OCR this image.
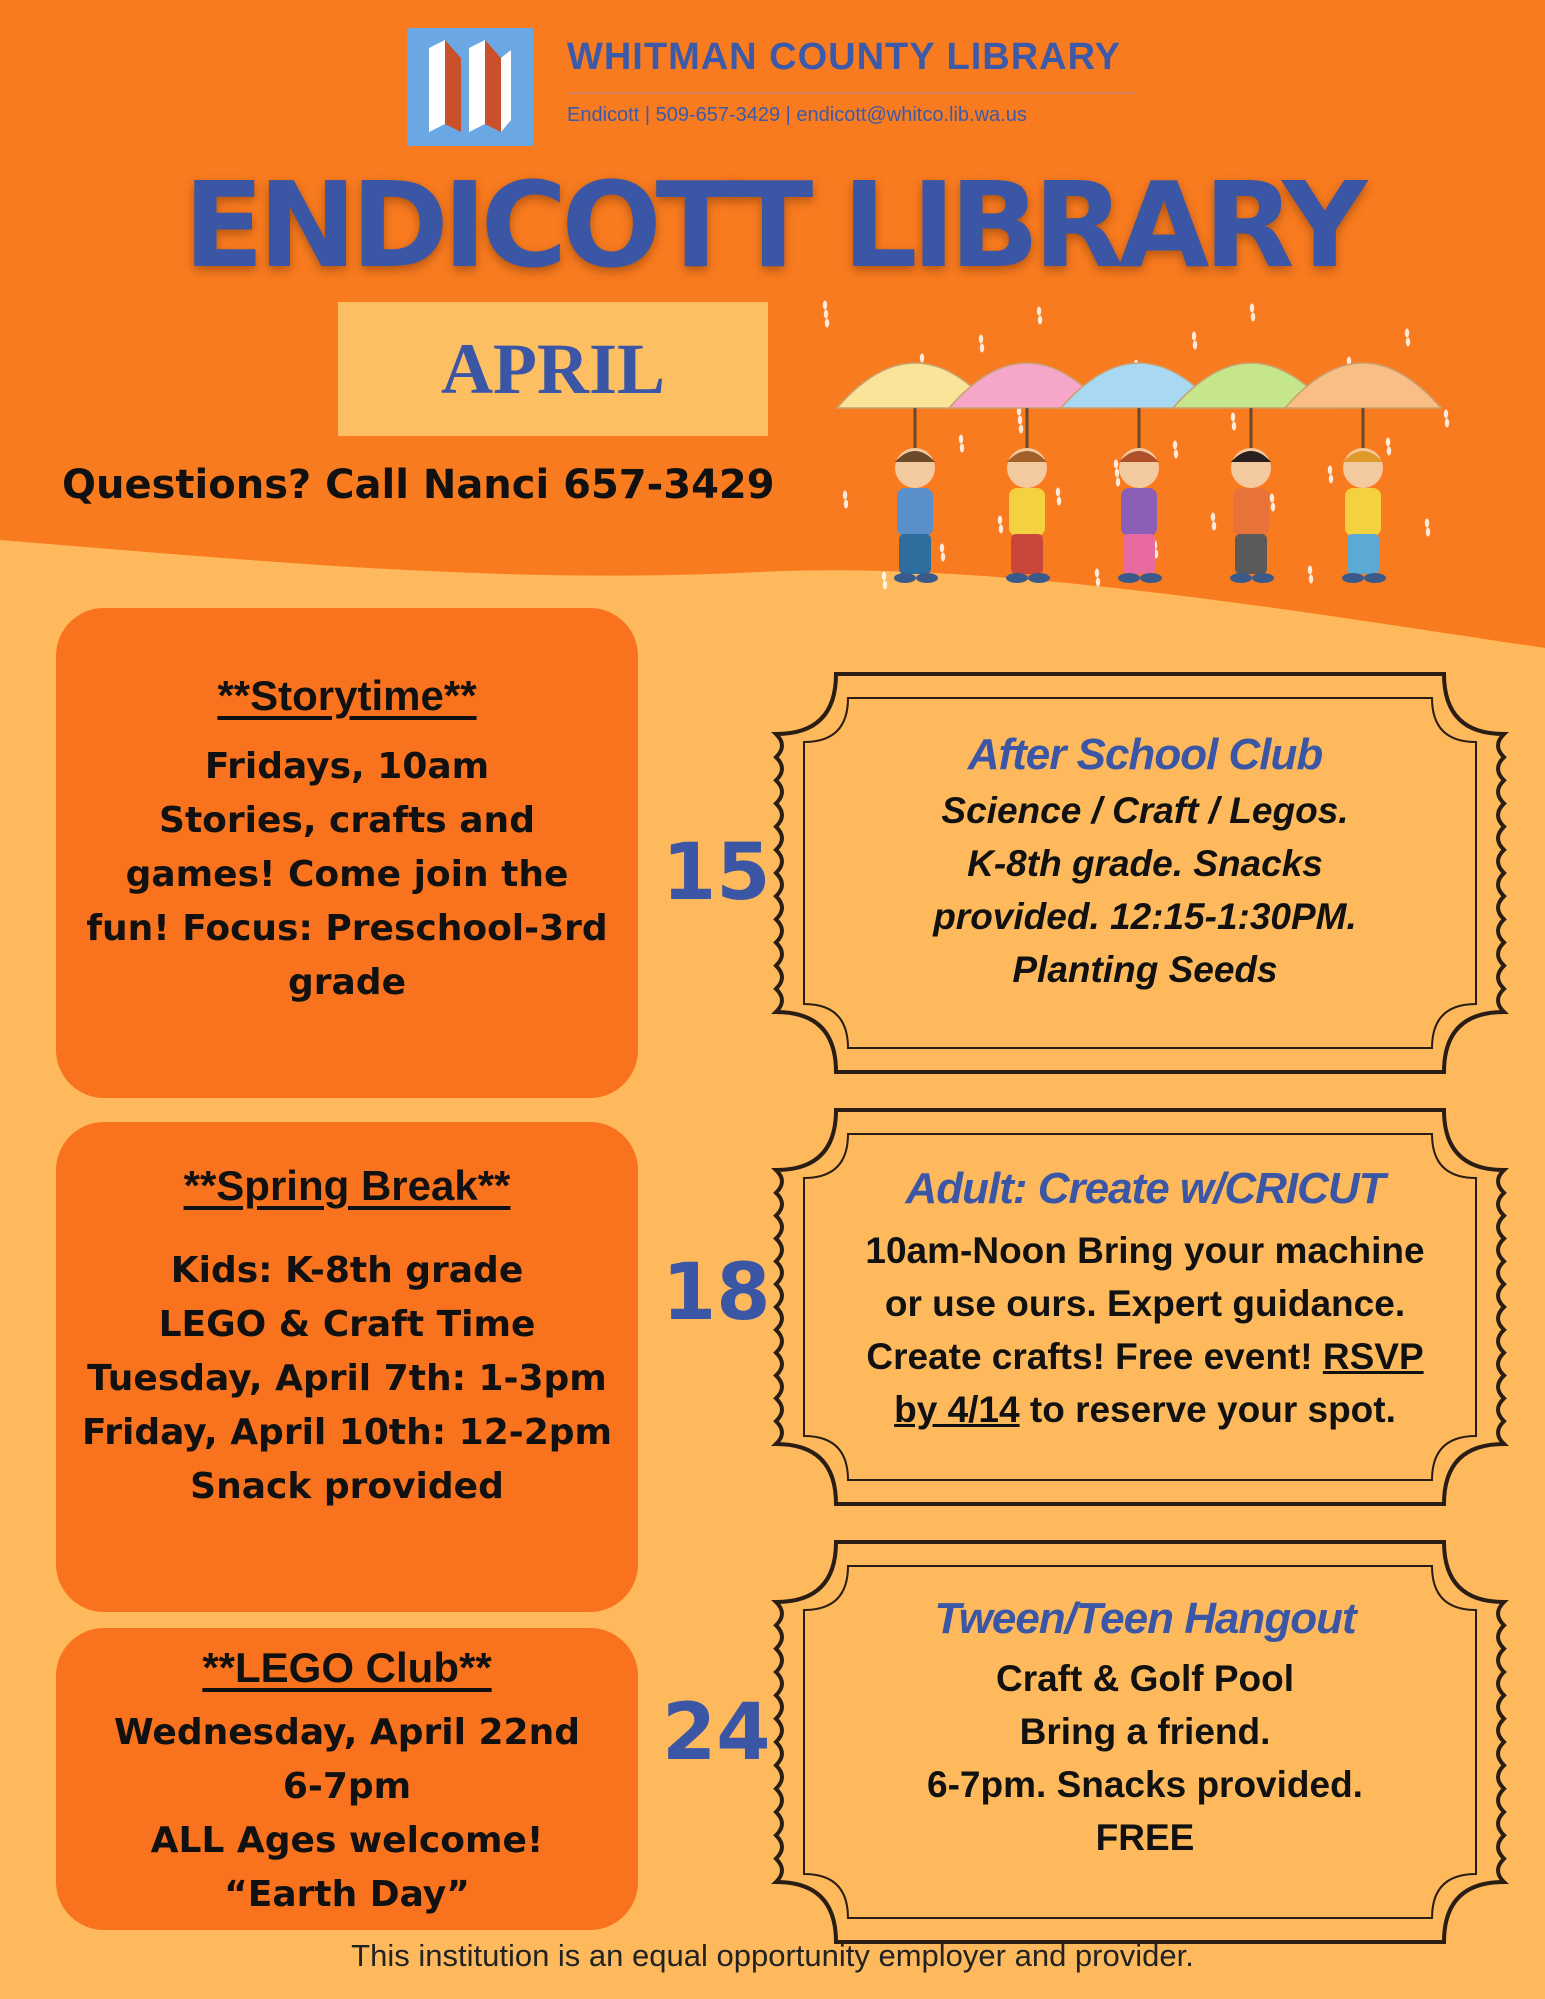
WHITMAN COUNTY LIBRARY
Endicott | 509-657-3429 | endicott@whitco.lib.wa.us
ENDICOTT LIBRARY
APRIL
Questions? Call Nanci 657-3429
**Storytime**
Fridays, 10am
Stories, crafts and
games! Come join the
fun! Focus: Preschool-3rd
grade
**Spring Break**
Kids: K-8th grade
LEGO & Craft Time
Tuesday, April 7th: 1-3pm
Friday, April 10th: 12-2pm
Snack provided
**LEGO Club**
Wednesday, April 22nd
6-7pm
ALL Ages welcome!
“Earth Day”
15
18
24
After School Club
Science / Craft / Legos.
K-8th grade. Snacks
provided. 12:15-1:30PM.
Planting Seeds
Adult: Create w/CRICUT
10am-Noon Bring your machine
or use ours. Expert guidance.
Create crafts! Free event! RSVP
by 4/14 to reserve your spot.
Tween/Teen Hangout
Craft & Golf Pool
Bring a friend.
6-7pm. Snacks provided.
FREE
This institution is an equal opportunity employer and provider.
